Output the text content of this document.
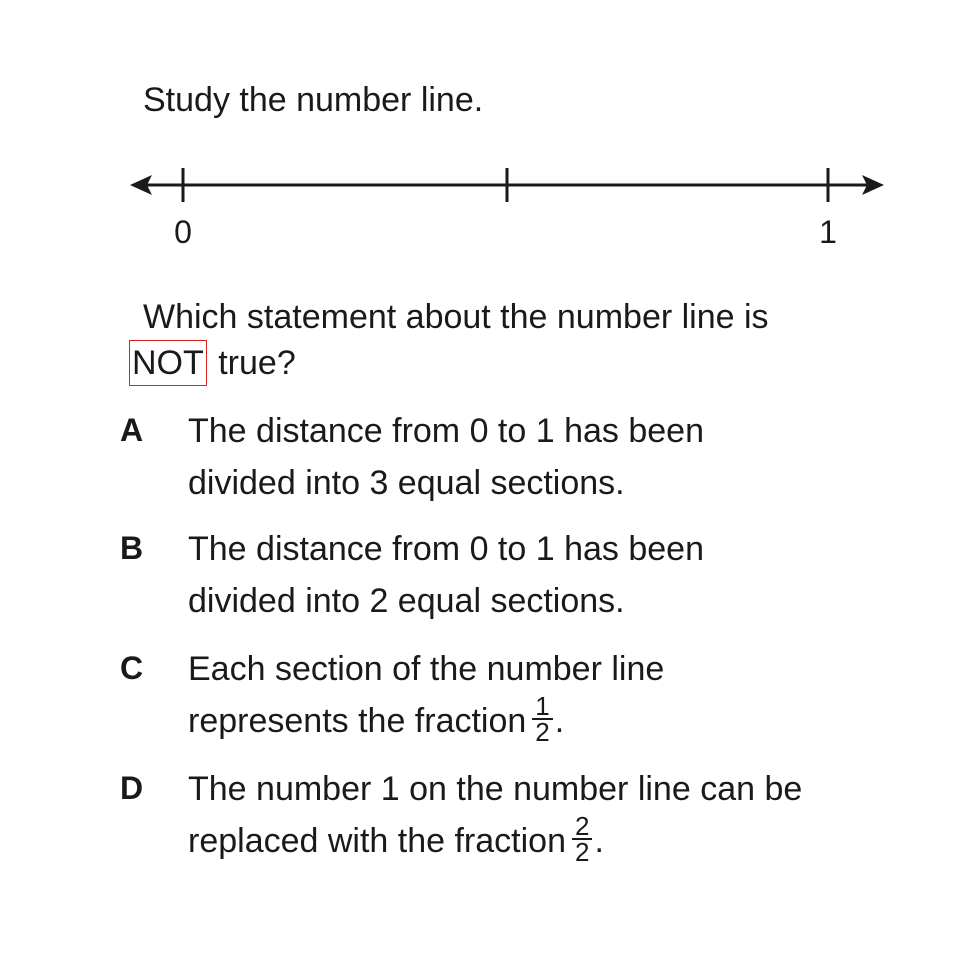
Study the number line.
0	1
Which statement about the number line is
NOT true?
A The distance from 0 to 1 has been
divided into 3 equal sections.
B The distance from 0 to 1 has been
divided into 2 equal sections.
C Each section of the number line
represents the fraction $\frac{1}{2}$ .
D The number 1 on the number line can be
replaced with the fraction $\frac{2}{2}$ .
